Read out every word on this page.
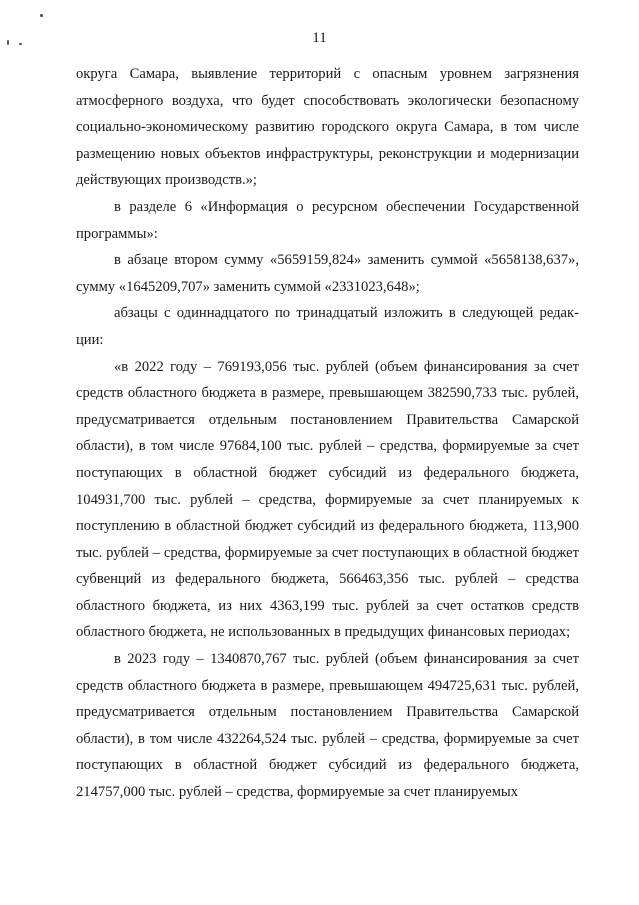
11

округа Самара, выявление территорий с опасным уровнем загрязнения атмосферного воздуха, что будет способствовать экологически безопасному социально-экономическому развитию городского округа Самара, в том числе размещению новых объектов инфраструктуры, реконструкции и модернизации действующих производств.»;

в разделе 6 «Информация о ресурсном обеспечении Государственной программы»:

в абзаце втором сумму «5659159,824» заменить суммой «5658138,637», сумму «1645209,707» заменить суммой «2331023,648»;

абзацы с одиннадцатого по тринадцатый изложить в следующей редакции:

«в 2022 году – 769193,056 тыс. рублей (объем финансирования за счет средств областного бюджета в размере, превышающем 382590,733 тыс. рублей, предусматривается отдельным постановлением Правительства Самарской области), в том числе 97684,100 тыс. рублей – средства, формируемые за счет поступающих в областной бюджет субсидий из федерального бюджета, 104931,700 тыс. рублей – средства, формируемые за счет планируемых к поступлению в областной бюджет субсидий из федерального бюджета, 113,900 тыс. рублей – средства, формируемые за счет поступающих в областной бюджет субвенций из федерального бюджета, 566463,356 тыс. рублей – средства областного бюджета, из них 4363,199 тыс. рублей за счет остатков средств областного бюджета, не использованных в предыдущих финансовых периодах;

в 2023 году – 1340870,767 тыс. рублей (объем финансирования за счет средств областного бюджета в размере, превышающем 494725,631 тыс. рублей, предусматривается отдельным постановлением Правительства Самарской области), в том числе 432264,524 тыс. рублей – средства, формируемые за счет поступающих в областной бюджет субсидий из федерального бюджета, 214757,000 тыс. рублей – средства, формируемые за счет планируемых
